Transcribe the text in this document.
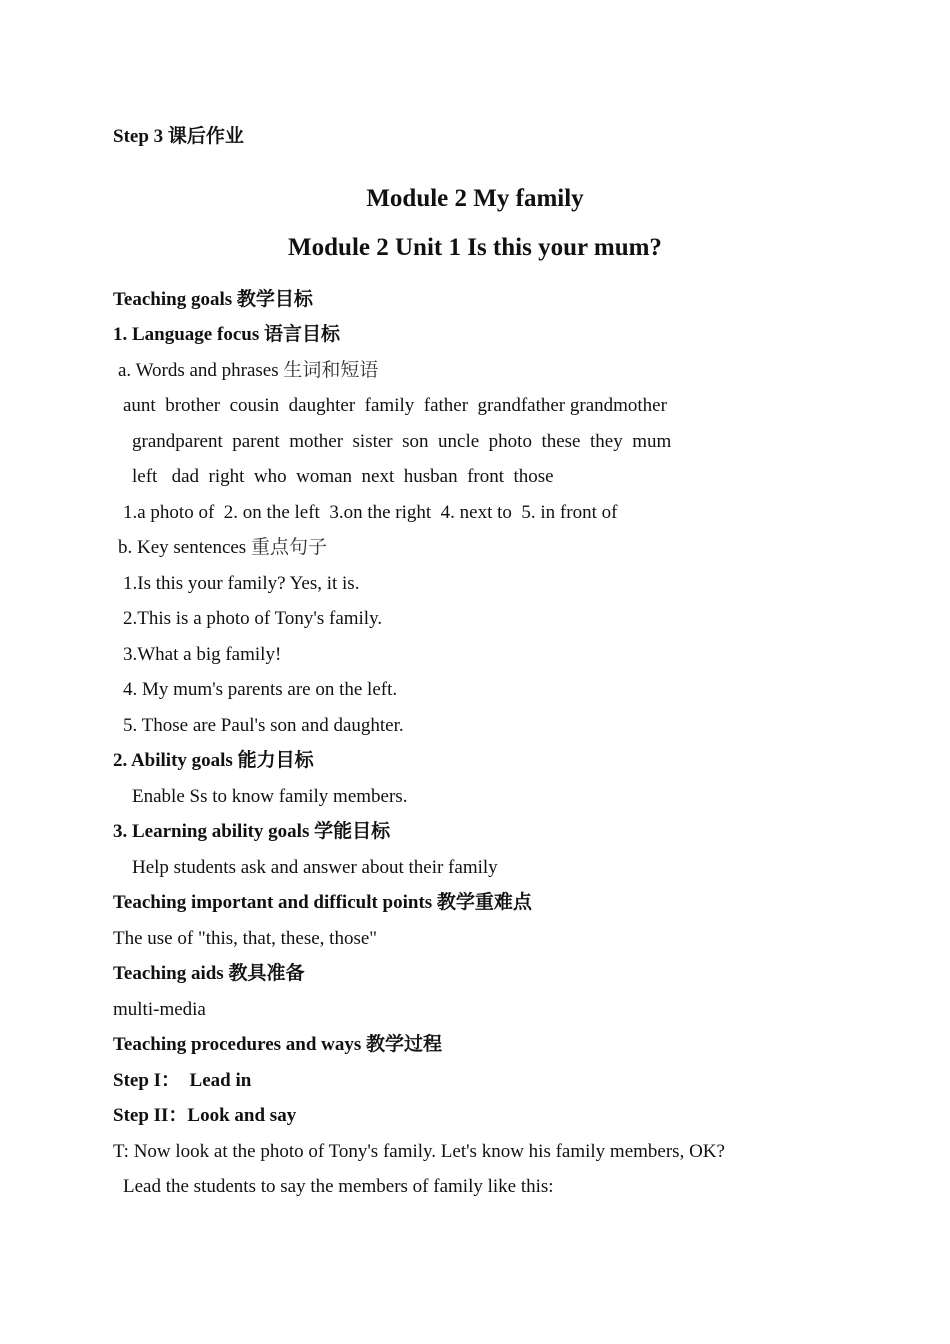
Step 3 课后作业
Module 2 My family
Module 2 Unit 1 Is this your mum?
Teaching goals 教学目标
1. Language focus 语言目标
a. Words and phrases 生词和短语
aunt  brother  cousin  daughter  family  father  grandfather grandmother
grandparent  parent  mother  sister  son  uncle  photo  these  they  mum
left   dad  right  who  woman  next  husban  front  those
1.a photo of  2. on the left  3.on the right  4. next to  5. in front of
b. Key sentences 重点句子
1.Is this your family? Yes, it is.
2.This is a photo of Tony's family.
3.What a big family!
4. My mum's parents are on the left.
5. Those are Paul's son and daughter.
2. Ability goals 能力目标
Enable Ss to know family members.
3. Learning ability goals 学能目标
Help students ask and answer about their family
Teaching important and difficult points 教学重难点
The use of "this, that, these, those"
Teaching aids 教具准备
multi-media
Teaching procedures and ways 教学过程
Step I：  Lead in
Step II：Look and say
T: Now look at the photo of Tony's family. Let's know his family members, OK?
Lead the students to say the members of family like this:
